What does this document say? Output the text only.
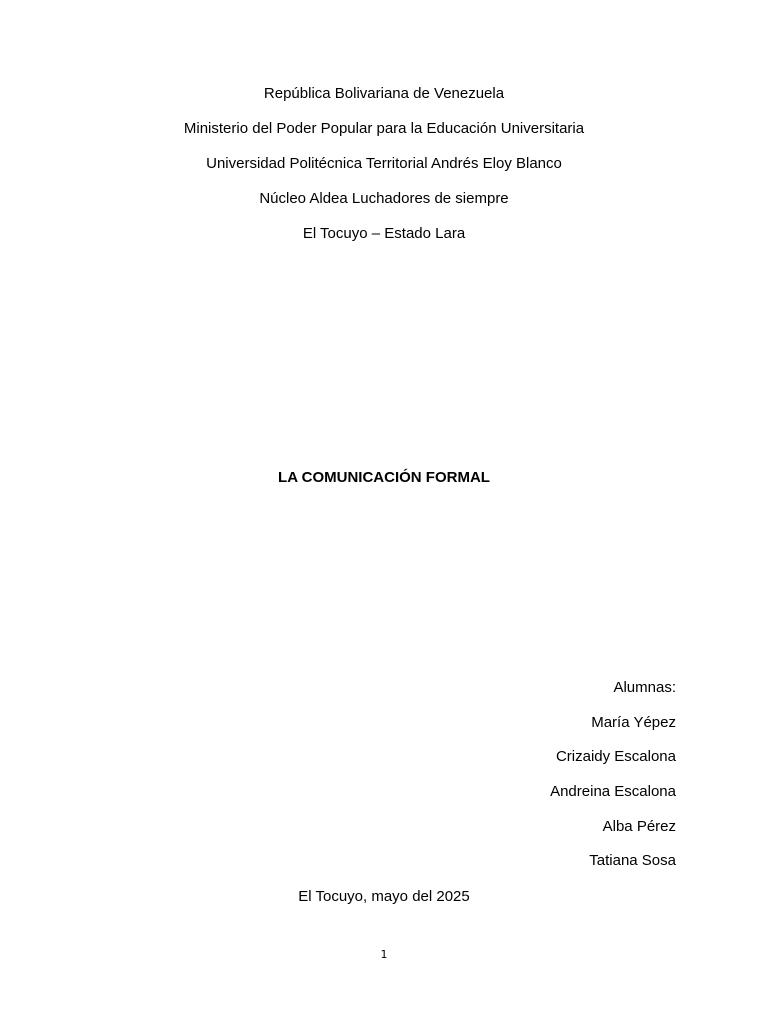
República Bolivariana de Venezuela
Ministerio del Poder Popular para la Educación Universitaria
Universidad Politécnica Territorial Andrés Eloy Blanco
Núcleo Aldea Luchadores de siempre
El Tocuyo – Estado Lara
LA COMUNICACIÓN FORMAL
Alumnas:
María Yépez
Crizaidy Escalona
Andreina Escalona
Alba Pérez
Tatiana Sosa
El Tocuyo, mayo del 2025
1
